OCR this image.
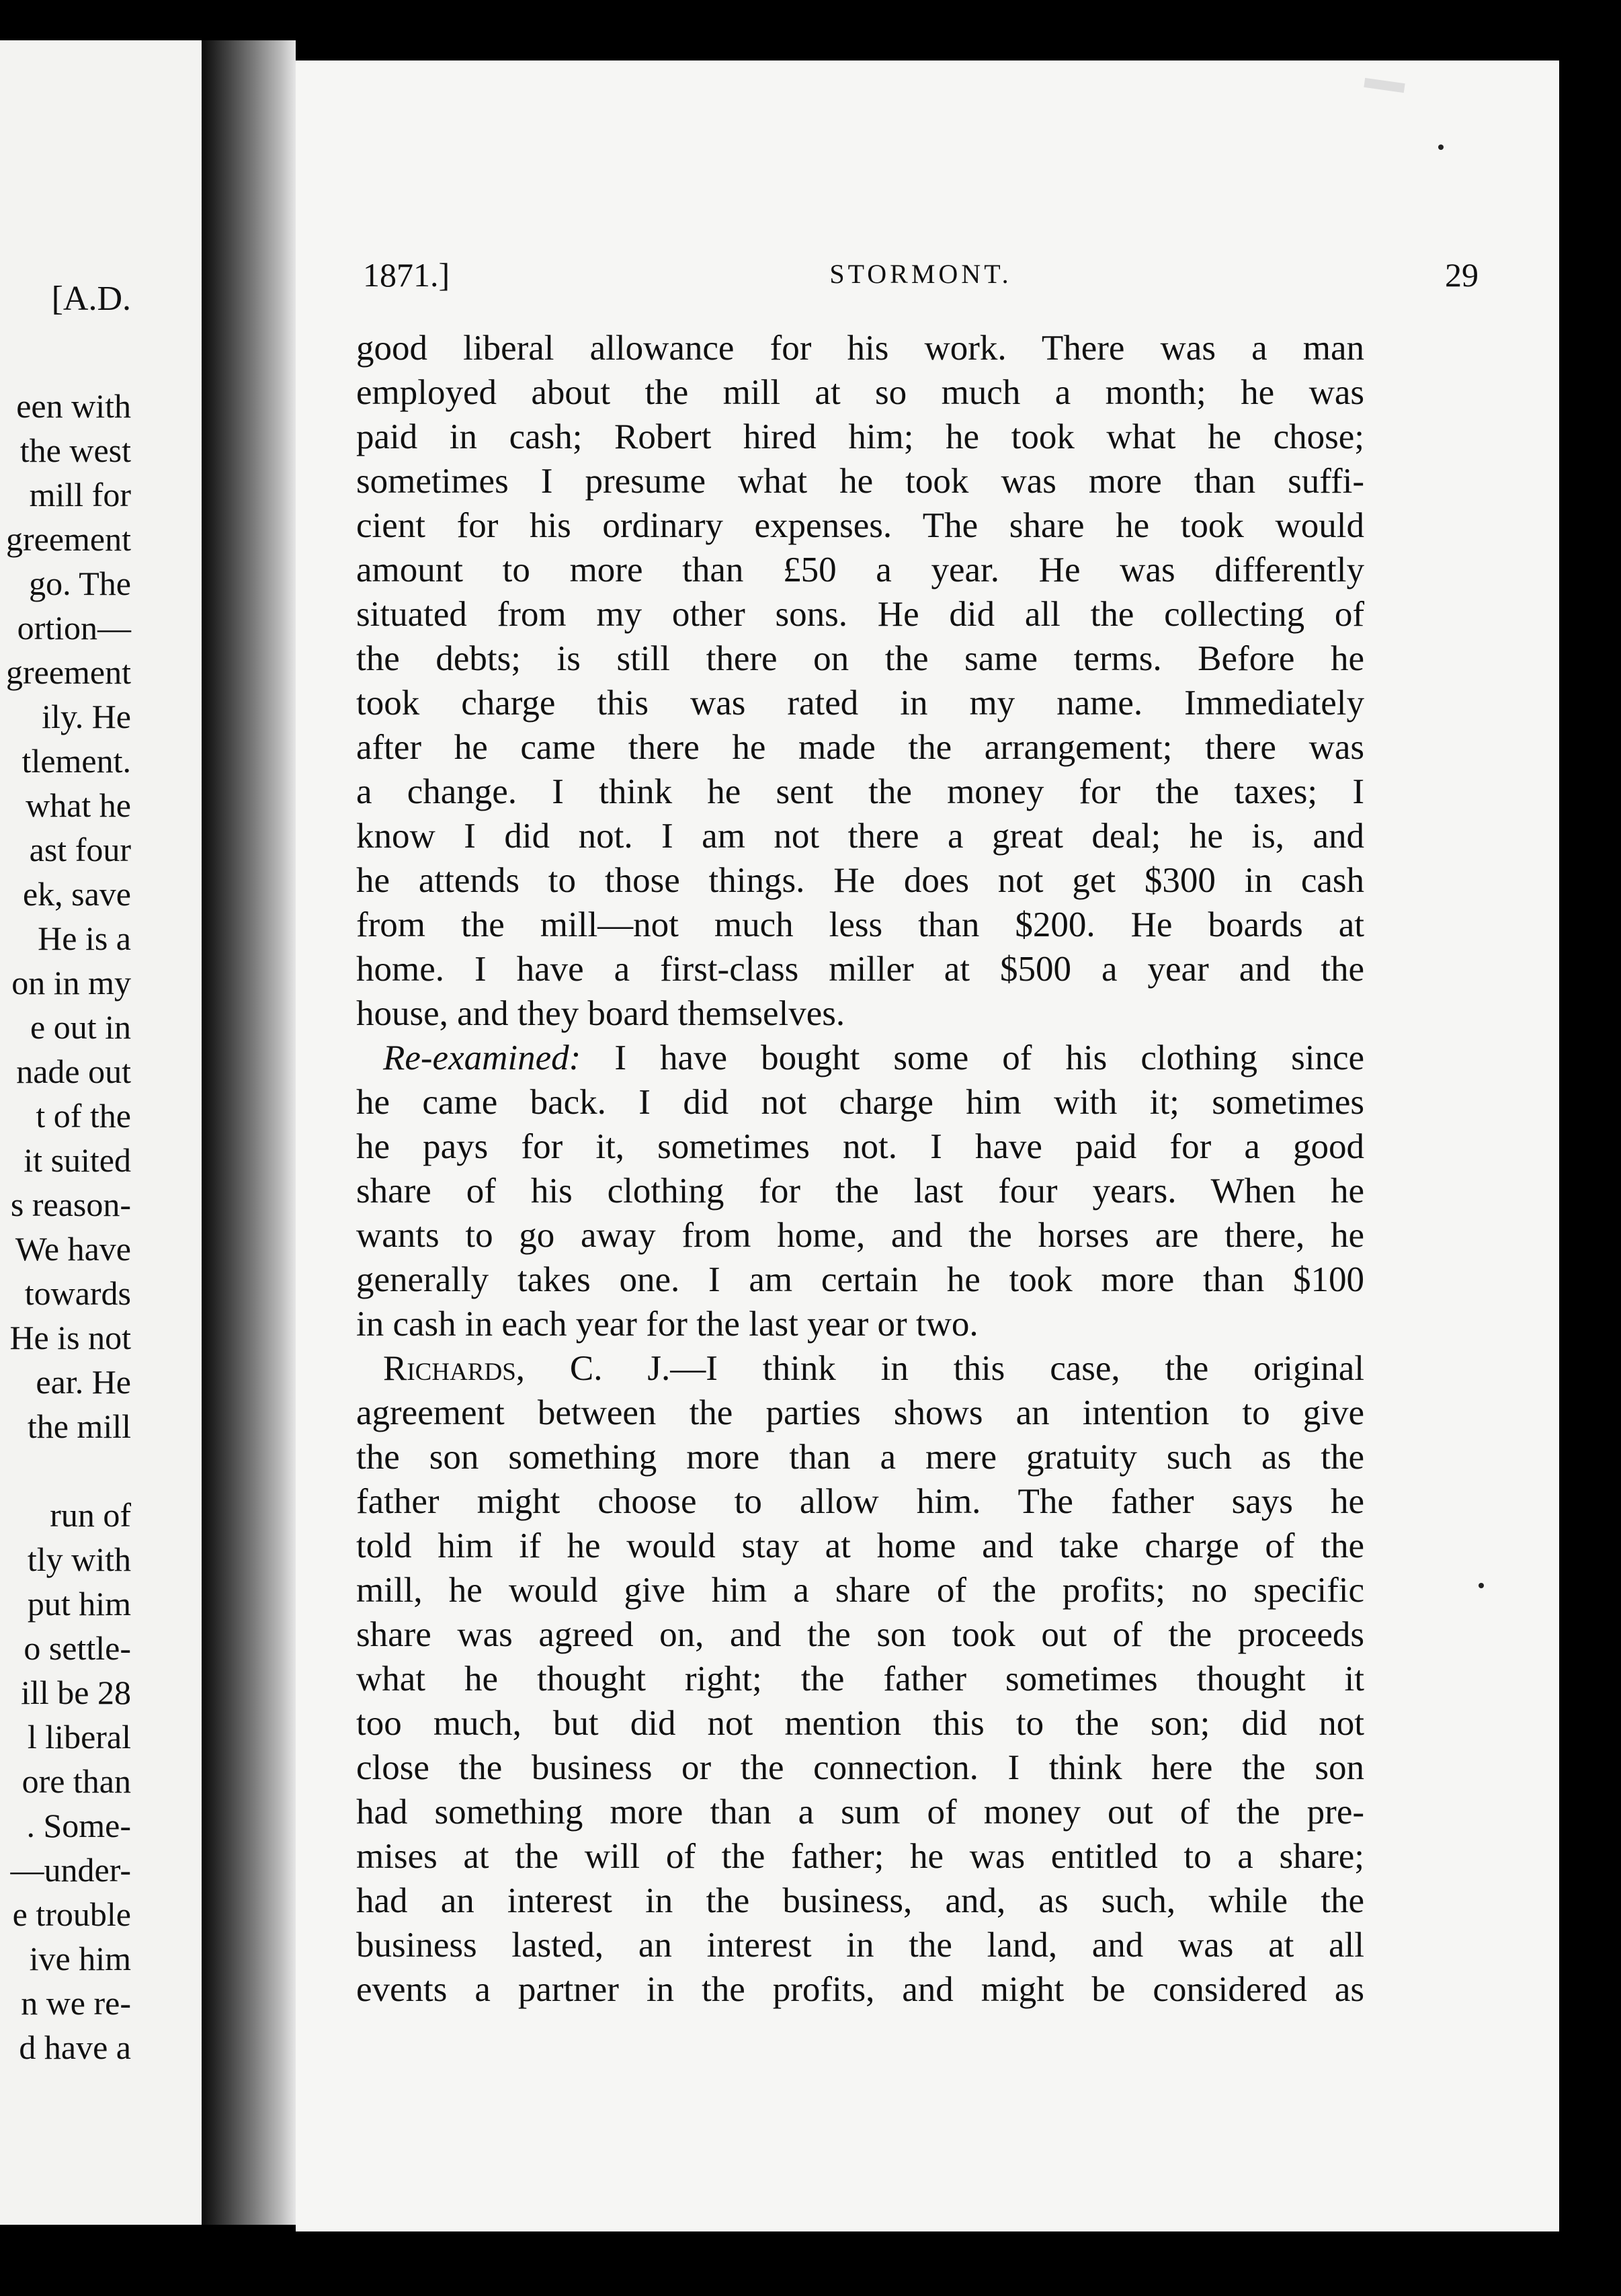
[A.D.
een with
the west
mill for
greement
go. The
ortion—
greement
ily. He
tlement.
what he
ast four
ek, save
He is a
on in my
e out in
nade out
t of the
it suited
s reason-
We have
towards
He is not
ear. He
the mill
run of
tly with
put him
o settle-
ill be 28
l liberal
ore than
. Some-
—under-
e trouble
ive him
n we re-
d have a
1871.]	STORMONT.	29
good liberal allowance for his work. There was a man
employed about the mill at so much a month; he was
paid in cash; Robert hired him; he took what he chose;
sometimes I presume what he took was more than suffi-
cient for his ordinary expenses. The share he took would
amount to more than £50 a year. He was differently
situated from my other sons. He did all the collecting of
the debts; is still there on the same terms. Before he
took charge this was rated in my name. Immediately
after he came there he made the arrangement; there was
a change. I think he sent the money for the taxes; I
know I did not. I am not there a great deal; he is, and
he attends to those things. He does not get $300 in cash
from the mill—not much less than $200. He boards at
home. I have a first-class miller at $500 a year and the
house, and they board themselves.
Re-examined: I have bought some of his clothing since
he came back. I did not charge him with it; sometimes
he pays for it, sometimes not. I have paid for a good
share of his clothing for the last four years. When he
wants to go away from home, and the horses are there, he
generally takes one. I am certain he took more than $100
in cash in each year for the last year or two.
Richards, C. J.—I think in this case, the original
agreement between the parties shows an intention to give
the son something more than a mere gratuity such as the
father might choose to allow him. The father says he
told him if he would stay at home and take charge of the
mill, he would give him a share of the profits; no specific
share was agreed on, and the son took out of the proceeds
what he thought right; the father sometimes thought it
too much, but did not mention this to the son; did not
close the business or the connection. I think here the son
had something more than a sum of money out of the pre-
mises at the will of the father; he was entitled to a share;
had an interest in the business, and, as such, while the
business lasted, an interest in the land, and was at all
events a partner in the profits, and might be considered as
